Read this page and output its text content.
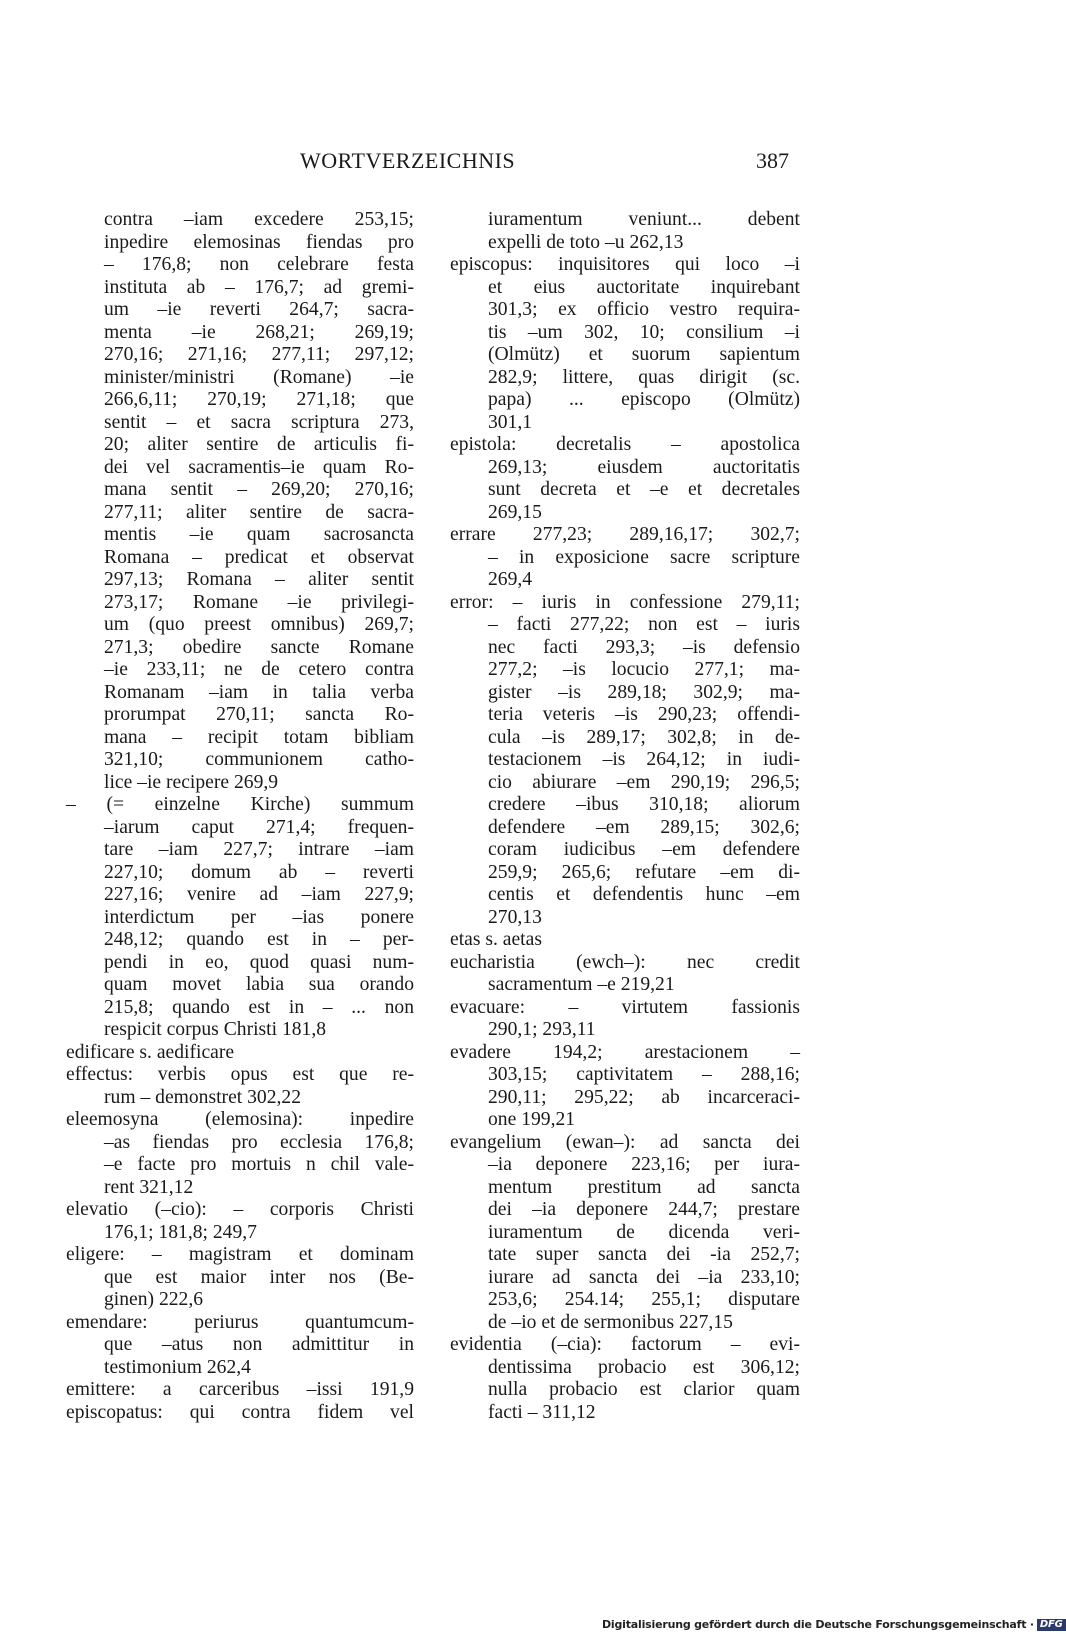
WORTVERZEICHNIS	387
contra –iam excedere 253,15;
inpedire elemosinas fiendas pro
– 176,8; non celebrare festa
instituta ab – 176,7; ad gremi-
um –ie reverti 264,7; sacra-
menta –ie 268,21; 269,19;
270,16; 271,16; 277,11; 297,12;
minister/ministri (Romane) –ie
266,6,11; 270,19; 271,18; que
sentit – et sacra scriptura 273,
20; aliter sentire de articulis fi-
dei vel sacramentis–ie quam Ro-
mana sentit – 269,20; 270,16;
277,11; aliter sentire de sacra-
mentis –ie quam sacrosancta
Romana – predicat et observat
297,13; Romana – aliter sentit
273,17; Romane –ie privilegi-
um (quo preest omnibus) 269,7;
271,3; obedire sancte Romane
–ie 233,11; ne de cetero contra
Romanam –iam in talia verba
prorumpat 270,11; sancta Ro-
mana – recipit totam bibliam
321,10; communionem catho-
lice –ie recipere 269,9
– (= einzelne Kirche) summum
–iarum caput 271,4; frequen-
tare –iam 227,7; intrare –iam
227,10; domum ab – reverti
227,16; venire ad –iam 227,9;
interdictum per –ias ponere
248,12; quando est in – per-
pendi in eo, quod quasi num-
quam movet labia sua orando
215,8; quando est in – ... non
respicit corpus Christi 181,8
edificare s. aedificare
effectus: verbis opus est que re-
rum – demonstret 302,22
eleemosyna (elemosina): inpedire
–as fiendas pro ecclesia 176,8;
–e facte pro mortuis n chil vale-
rent 321,12
elevatio (–cio): – corporis Christi
176,1; 181,8; 249,7
eligere: – magistram et dominam
que est maior inter nos (Be-
ginen) 222,6
emendare: periurus quantumcum-
que –atus non admittitur in
testimonium 262,4
emittere: a carceribus –issi 191,9
episcopatus: qui contra fidem vel
iuramentum veniunt... debent
expelli de toto –u 262,13
episcopus: inquisitores qui loco –i
et eius auctoritate inquirebant
301,3; ex officio vestro requira-
tis –um 302, 10; consilium –i
(Olmütz) et suorum sapientum
282,9; littere, quas dirigit (sc.
papa) ... episcopo (Olmütz)
301,1
epistola: decretalis – apostolica
269,13; eiusdem auctoritatis
sunt decreta et –e et decretales
269,15
errare 277,23; 289,16,17; 302,7;
– in exposicione sacre scripture
269,4
error: – iuris in confessione 279,11;
– facti 277,22; non est – iuris
nec facti 293,3; –is defensio
277,2; –is locucio 277,1; ma-
gister –is 289,18; 302,9; ma-
teria veteris –is 290,23; offendi-
cula –is 289,17; 302,8; in de-
testacionem –is 264,12; in iudi-
cio abiurare –em 290,19; 296,5;
credere –ibus 310,18; aliorum
defendere –em 289,15; 302,6;
coram iudicibus –em defendere
259,9; 265,6; refutare –em di-
centis et defendentis hunc –em
270,13
etas s. aetas
eucharistia (ewch–): nec credit
sacramentum –e 219,21
evacuare: – virtutem fassionis
290,1; 293,11
evadere 194,2; arestacionem –
303,15; captivitatem – 288,16;
290,11; 295,22; ab incarceraci-
one 199,21
evangelium (ewan–): ad sancta dei
–ia deponere 223,16; per iura-
mentum prestitum ad sancta
dei –ia deponere 244,7; prestare
iuramentum de dicenda veri-
tate super sancta dei -ia 252,7;
iurare ad sancta dei –ia 233,10;
253,6; 254.14; 255,1; disputare
de –io et de sermonibus 227,15
evidentia (–cia): factorum – evi-
dentissima probacio est 306,12;
nulla probacio est clarior quam
facti – 311,12
Digitalisierung gefördert durch die Deutsche Forschungsgemeinschaft · DFG
